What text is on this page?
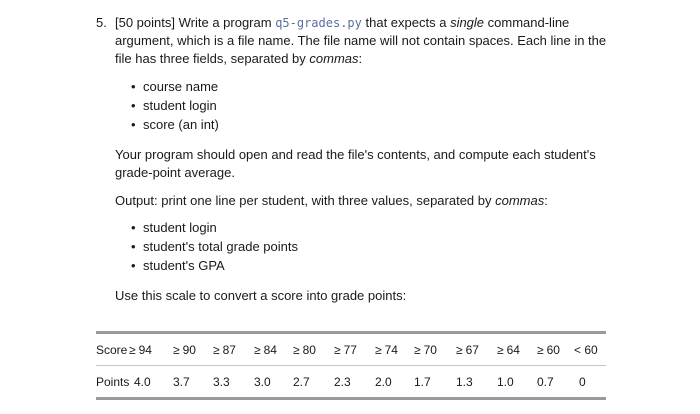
5. [50 points] Write a program q5-grades.py that expects a single command-line argument, which is a file name. The file name will not contain spaces. Each line in the file has three fields, separated by commas:
• course name
• student login
• score (an int)
Your program should open and read the file's contents, and compute each student's grade-point average.
Output: print one line per student, with three values, separated by commas:
• student login
• student's total grade points
• student's GPA
Use this scale to convert a score into grade points:
Score ≥ 94 ≥ 90 ≥ 87 ≥ 84 ≥ 80 ≥ 77 ≥ 74 ≥ 70 ≥ 67 ≥ 64 ≥ 60 < 60
Points 4.0 3.7 3.3 3.0 2.7 2.3 2.0 1.7 1.3 1.0 0.7 0
